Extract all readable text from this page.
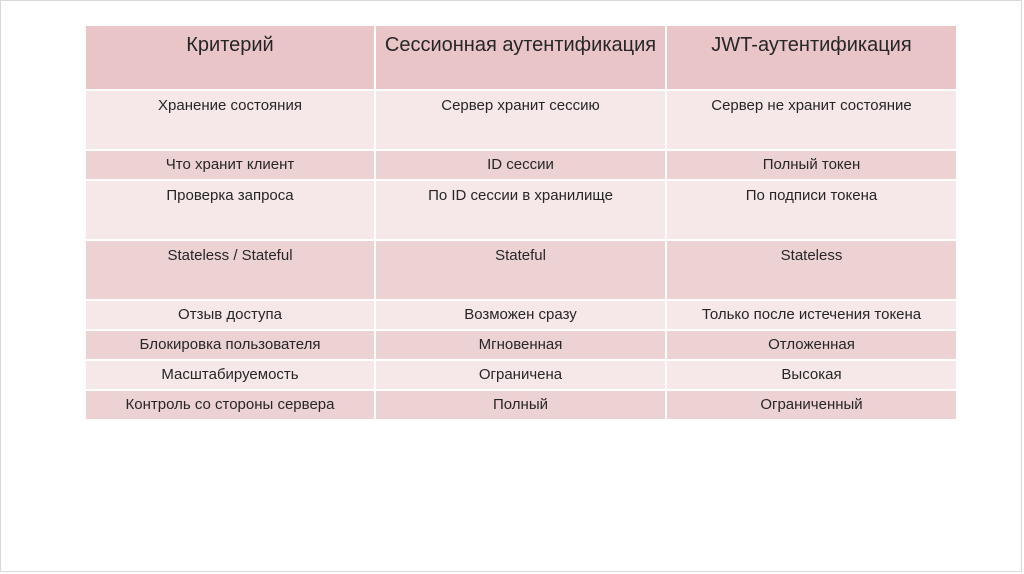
Критерий	Сессионная аутентификация	JWT-аутентификация
Хранение состояния	Сервер хранит сессию	Сервер не хранит состояние
Что хранит клиент	ID сессии	Полный токен
Проверка запроса	По ID сессии в хранилище	По подписи токена
Stateless / Stateful	Stateful	Stateless
Отзыв доступа	Возможен сразу	Только после истечения токена
Блокировка пользователя	Мгновенная	Отложенная
Масштабируемость	Ограничена	Высокая
Контроль со стороны сервера	Полный	Ограниченный
